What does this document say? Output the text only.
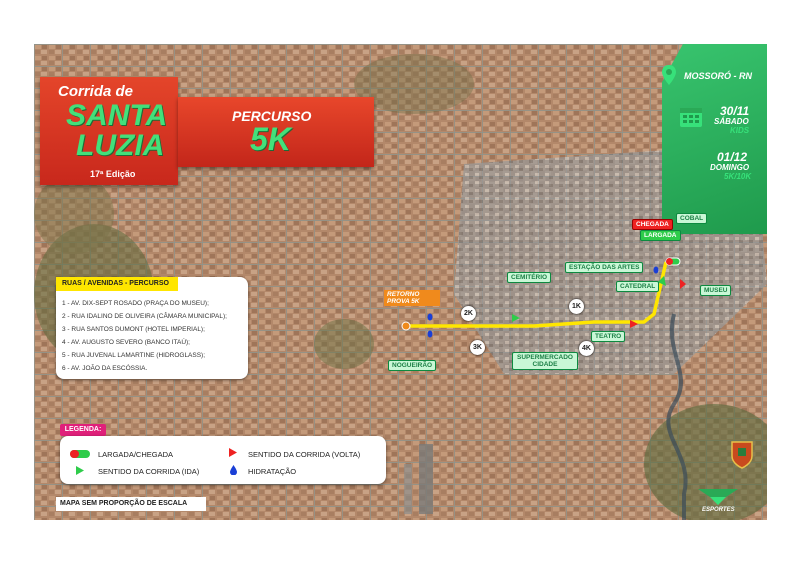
Corrida de
SANTA
LUZIA
17ª Edição
PERCURSO
5K
MOSSORÓ - RN
30/11
SÁBADO
KIDS
01/12
DOMINGO
5K/10K
CHEGADA
LARGADA
COBAL
MUSEU
CATEDRAL
ESTAÇÃO DAS ARTES
CEMITÉRIO
TEATRO
SUPERMERCADO CIDADE
NOGUEIRÃO
RETORNO PROVA 5K
2K
3K
1K
4K
RUAS / AVENIDAS - PERCURSO
1 - AV. DIX-SEPT ROSADO (PRAÇA DO MUSEU);
2 - RUA IDALINO DE OLIVEIRA (CÂMARA MUNICIPAL);
3 - RUA SANTOS DUMONT (HOTEL IMPERIAL);
4 - AV. AUGUSTO SEVERO (BANCO ITAÚ);
5 - RUA JUVENAL LAMARTINE (HIDROGLASS);
6 - AV. JOÃO DA ESCÓSSIA.
LEGENDA:
LARGADA/CHEGADA
SENTIDO DA CORRIDA (IDA)
SENTIDO DA CORRIDA (VOLTA)
HIDRATAÇÃO
MAPA SEM PROPORÇÃO DE ESCALA
ESPORTES
